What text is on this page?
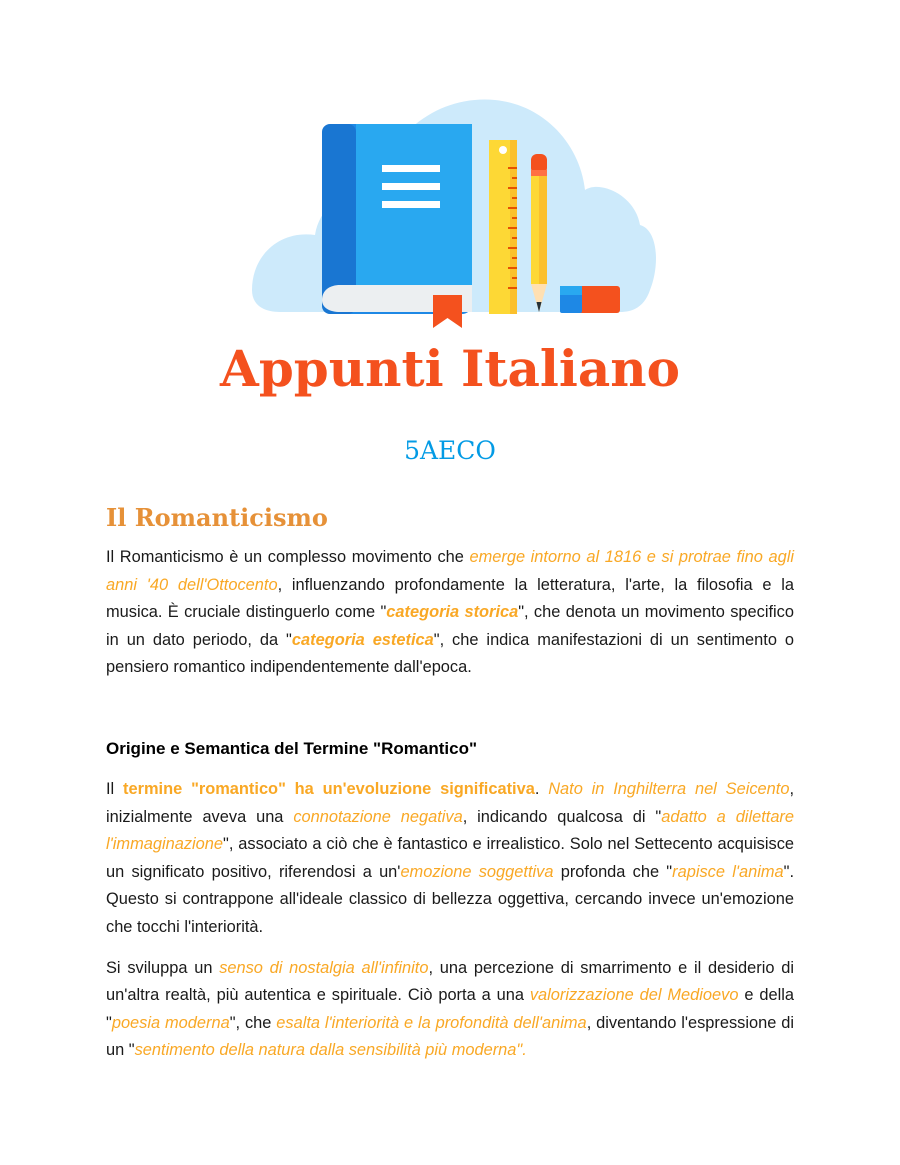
Appunti Italiano
5AECO
Il Romanticismo

Il Romanticismo è un complesso movimento che emerge intorno al 1816 e si protrae fino agli anni '40 dell'Ottocento, influenzando profondamente la letteratura, l'arte, la filosofia e la musica. È cruciale distinguerlo come "categoria storica", che denota un movimento specifico in un dato periodo, da "categoria estetica", che indica manifestazioni di un sentimento o pensiero romantico indipendentemente dall'epoca.

Origine e Semantica del Termine "Romantico"

Il termine "romantico" ha un'evoluzione significativa. Nato in Inghilterra nel Seicento, inizialmente aveva una connotazione negativa, indicando qualcosa di "adatto a dilettare l'immaginazione", associato a ciò che è fantastico e irrealistico. Solo nel Settecento acquisisce un significato positivo, riferendosi a un'emozione soggettiva profonda che "rapisce l'anima". Questo si contrappone all'ideale classico di bellezza oggettiva, cercando invece un'emozione che tocchi l'interiorità.

Si sviluppa un senso di nostalgia all'infinito, una percezione di smarrimento e il desiderio di un'altra realtà, più autentica e spirituale. Ciò porta a una valorizzazione del Medioevo e della "poesia moderna", che esalta l'interiorità e la profondità dell'anima, diventando l'espressione di un "sentimento della natura dalla sensibilità più moderna".
